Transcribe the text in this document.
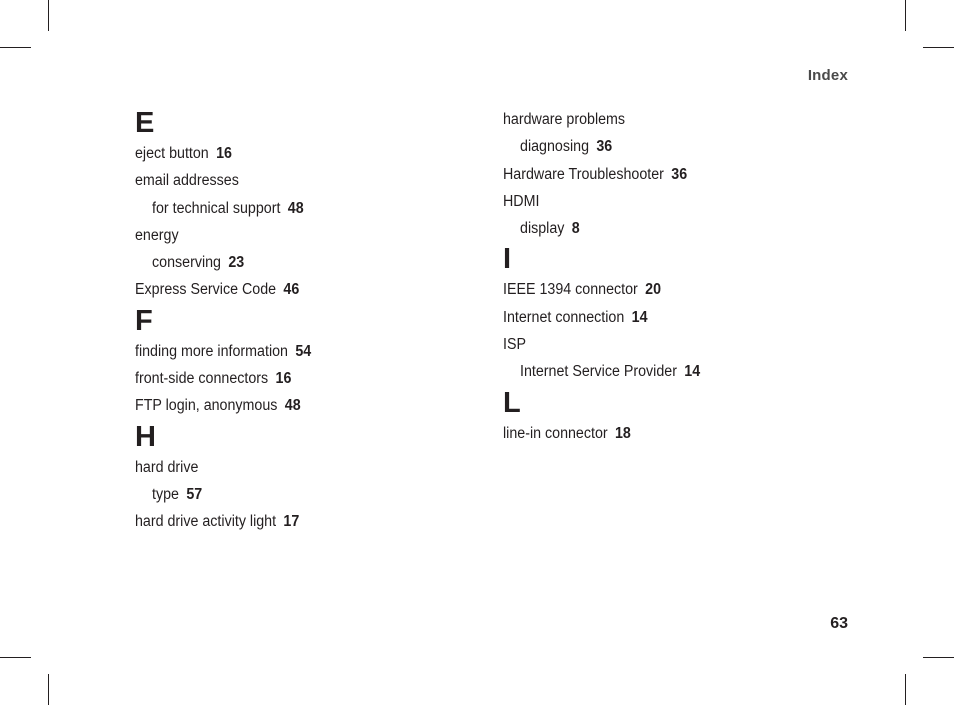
Index
E
eject button 16
email addresses
for technical support 48
energy
conserving 23
Express Service Code 46
F
finding more information 54
front-side connectors 16
FTP login, anonymous 48
H
hard drive
type 57
hard drive activity light 17
hardware problems
diagnosing 36
Hardware Troubleshooter 36
HDMI
display 8
I
IEEE 1394 connector 20
Internet connection 14
ISP
Internet Service Provider 14
L
line-in connector 18
63
